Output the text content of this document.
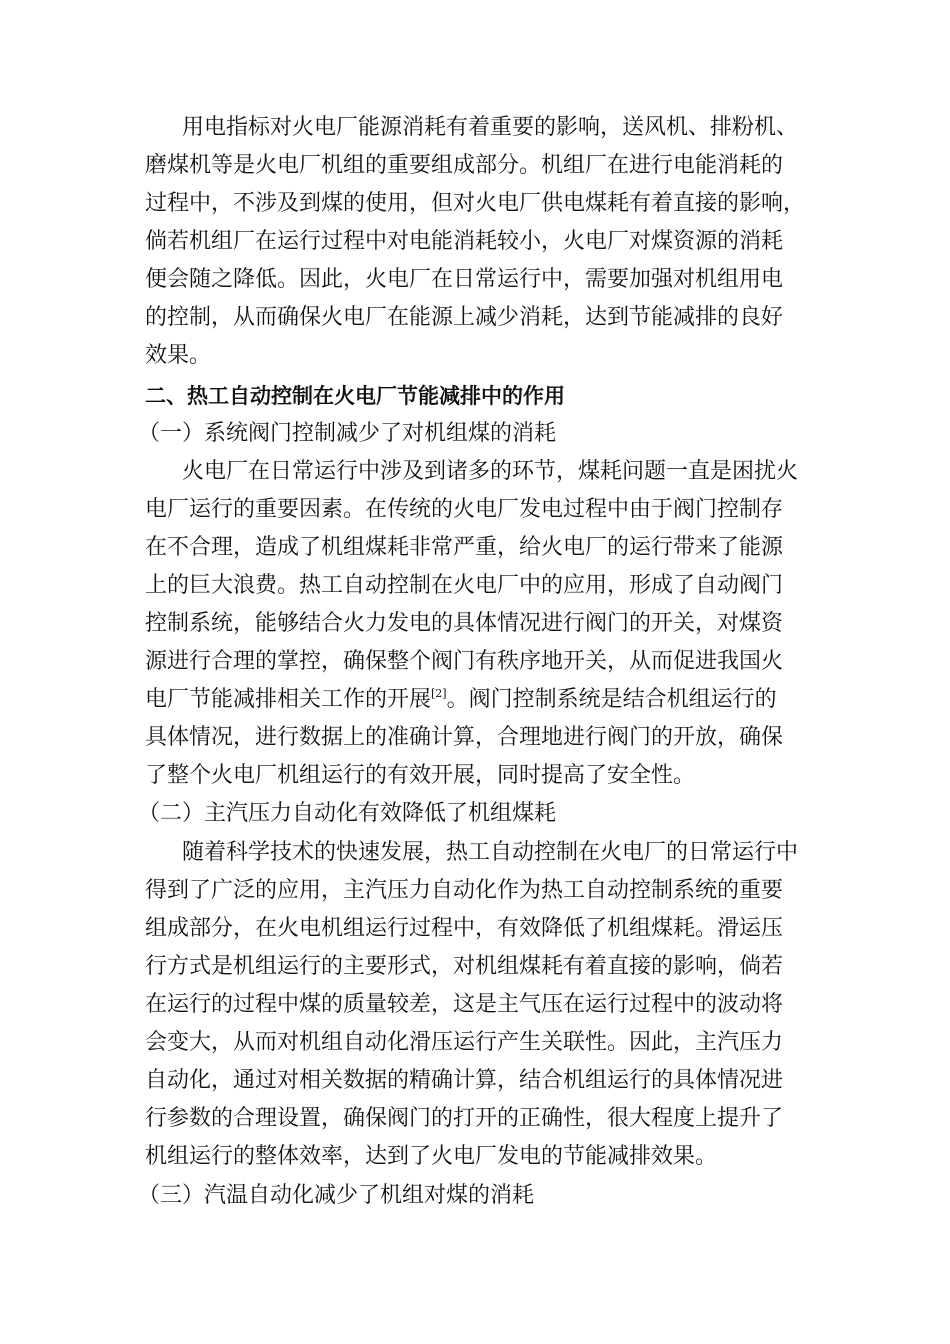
用电指标对火电厂能源消耗有着重要的影响，送风机、排粉机、
磨煤机等是火电厂机组的重要组成部分。机组厂在进行电能消耗的
过程中，不涉及到煤的使用，但对火电厂供电煤耗有着直接的影响，
倘若机组厂在运行过程中对电能消耗较小，火电厂对煤资源的消耗
便会随之降低。因此，火电厂在日常运行中，需要加强对机组用电
的控制，从而确保火电厂在能源上减少消耗，达到节能减排的良好
效果。
二、热工自动控制在火电厂节能减排中的作用
（一）系统阀门控制减少了对机组煤的消耗
火电厂在日常运行中涉及到诸多的环节，煤耗问题一直是困扰火
电厂运行的重要因素。在传统的火电厂发电过程中由于阀门控制存
在不合理，造成了机组煤耗非常严重，给火电厂的运行带来了能源
上的巨大浪费。热工自动控制在火电厂中的应用，形成了自动阀门
控制系统，能够结合火力发电的具体情况进行阀门的开关，对煤资
源进行合理的掌控，确保整个阀门有秩序地开关，从而促进我国火
电厂节能减排相关工作的开展[2]。阀门控制系统是结合机组运行的
具体情况，进行数据上的准确计算，合理地进行阀门的开放，确保
了整个火电厂机组运行的有效开展，同时提高了安全性。
（二）主汽压力自动化有效降低了机组煤耗
随着科学技术的快速发展，热工自动控制在火电厂的日常运行中
得到了广泛的应用，主汽压力自动化作为热工自动控制系统的重要
组成部分，在火电机组运行过程中，有效降低了机组煤耗。滑运压
行方式是机组运行的主要形式，对机组煤耗有着直接的影响，倘若
在运行的过程中煤的质量较差，这是主气压在运行过程中的波动将
会变大，从而对机组自动化滑压运行产生关联性。因此，主汽压力
自动化，通过对相关数据的精确计算，结合机组运行的具体情况进
行参数的合理设置，确保阀门的打开的正确性，很大程度上提升了
机组运行的整体效率，达到了火电厂发电的节能减排效果。
（三）汽温自动化减少了机组对煤的消耗
